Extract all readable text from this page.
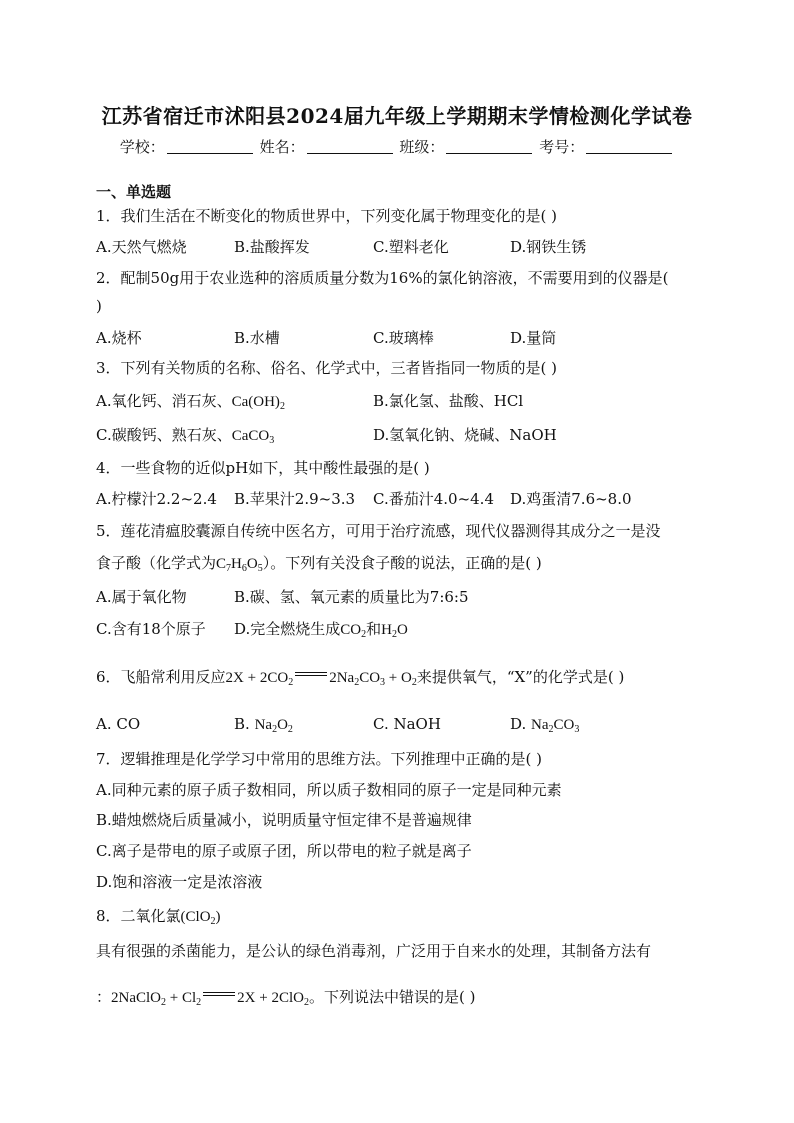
江苏省宿迁市沭阳县2024届九年级上学期期末学情检测化学试卷
学校：	姓名：	班级：	考号：
一、单选题
1．我们生活在不断变化的物质世界中，下列变化属于物理变化的是( )
A.天然气燃烧	B.盐酸挥发	C.塑料老化	D.钢铁生锈
2．配制50g用于农业选种的溶质质量分数为16%的氯化钠溶液，不需要用到的仪器是(
)
A.烧杯	B.水槽	C.玻璃棒	D.量筒
3．下列有关物质的名称、俗名、化学式中，三者皆指同一物质的是( )
A.氧化钙、消石灰、$Ca(OH)_2$	B.氯化氢、盐酸、HCl
C.碳酸钙、熟石灰、CaCO$_3$	D.氢氧化钠、烧碱、NaOH
4．一些食物的近似pH如下，其中酸性最强的是( )
A.柠檬汁2.2~2.4 B.苹果汁2.9~3.3 C.番茄汁4.0~4.4 D.鸡蛋清7.6~8.0
5．莲花清瘟胶囊源自传统中医名方，可用于治疗流感，现代仪器测得其成分之一是没
食子酸（化学式为$C_7H_6O_5$）。下列有关没食子酸的说法，正确的是( )
A.属于氧化物	B.碳、氢、氧元素的质量比为7:6:5
C.含有18个原子 D.完全燃烧生成$CO_2$和$H_2O$
6．飞船常利用反应$2X + 2CO_2$ $2Na_2CO_3 + O_2$来提供氧气，“X”的化学式是( )
A. CO	B. $Na_2O_2$	C. NaOH	D. $Na_2CO_3$
7．逻辑推理是化学学习中常用的思维方法。下列推理中正确的是( )
A.同种元素的原子质子数相同，所以质子数相同的原子一定是同种元素
B.蜡烛燃烧后质量减小，说明质量守恒定律不是普遍规律
C.离子是带电的原子或原子团，所以带电的粒子就是离子
D.饱和溶液一定是浓溶液
8．二氧化氯(ClO$_2$)
具有很强的杀菌能力，是公认的绿色消毒剂，广泛用于自来水的处理，其制备方法有
：2NaClO$_2$ + $Cl_2$ 2X + 2ClO$_2$。下列说法中错误的是( )
